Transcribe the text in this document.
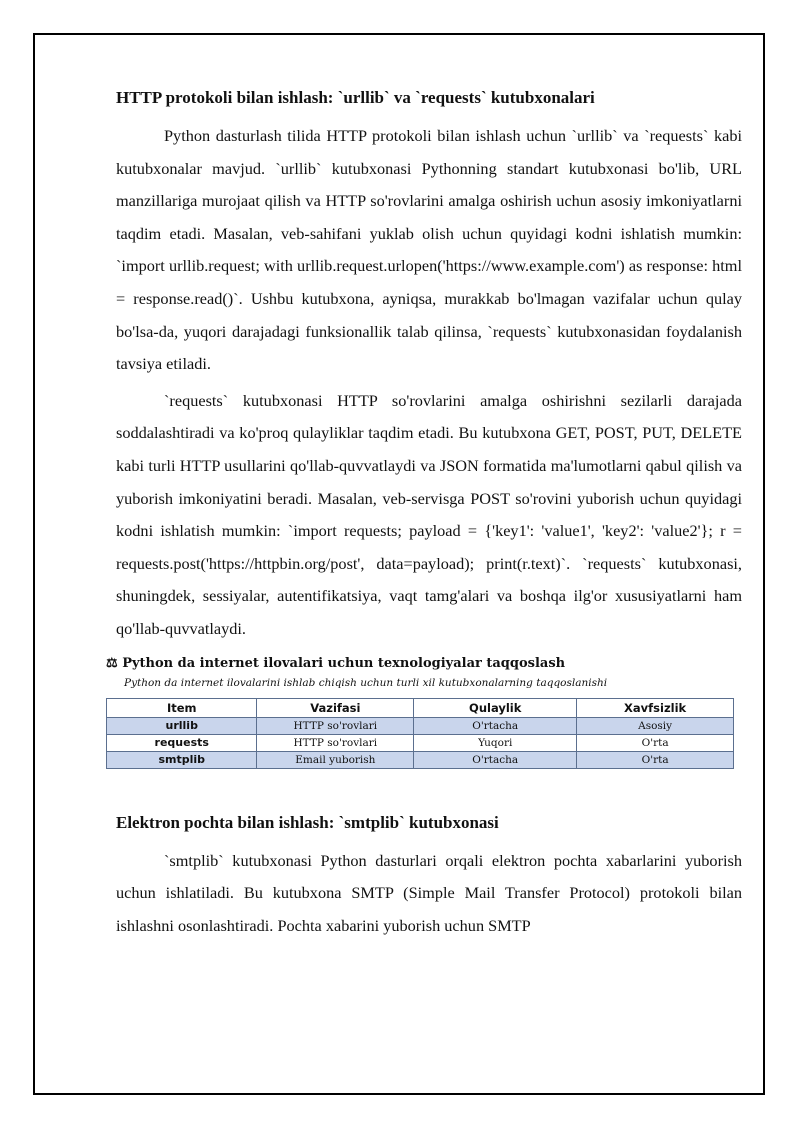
HTTP protokoli bilan ishlash: `urllib` va `requests` kutubxonalari

Python dasturlash tilida HTTP protokoli bilan ishlash uchun `urllib` va `requests` kabi kutubxonalar mavjud. `urllib` kutubxonasi Pythonning standart kutubxonasi bo'lib, URL manzillariga murojaat qilish va HTTP so'rovlarini amalga oshirish uchun asosiy imkoniyatlarni taqdim etadi. Masalan, veb-sahifani yuklab olish uchun quyidagi kodni ishlatish mumkin: `import urllib.request; with urllib.request.urlopen('https://www.example.com') as response: html = response.read()`. Ushbu kutubxona, ayniqsa, murakkab bo'lmagan vazifalar uchun qulay bo'lsa-da, yuqori darajadagi funksionallik talab qilinsa, `requests` kutubxonasidan foydalanish tavsiya etiladi.

`requests` kutubxonasi HTTP so'rovlarini amalga oshirishni sezilarli darajada soddalashtiradi va ko'proq qulayliklar taqdim etadi. Bu kutubxona GET, POST, PUT, DELETE kabi turli HTTP usullarini qo'llab-quvvatlaydi va JSON formatida ma'lumotlarni qabul qilish va yuborish imkoniyatini beradi. Masalan, veb-servisga POST so'rovini yuborish uchun quyidagi kodni ishlatish mumkin: `import requests; payload = {'key1': 'value1', 'key2': 'value2'}; r = requests.post('https://httpbin.org/post', data=payload); print(r.text)`. `requests` kutubxonasi, shuningdek, sessiyalar, autentifikatsiya, vaqt tamg'alari va boshqa ilg'or xususiyatlarni ham qo'llab-quvvatlaydi.

⚖ Python da internet ilovalari uchun texnologiyalar taqqoslash
Python da internet ilovalarini ishlab chiqish uchun turli xil kutubxonalarning taqqoslanishi
Item	Vazifasi	Qulaylik	Xavfsizlik
urllib	HTTP so'rovlari	O'rtacha	Asosiy
requests	HTTP so'rovlari	Yuqori	O'rta
smtplib	Email yuborish	O'rtacha	O'rta
Elektron pochta bilan ishlash: `smtplib` kutubxonasi

`smtplib` kutubxonasi Python dasturlari orqali elektron pochta xabarlarini yuborish uchun ishlatiladi. Bu kutubxona SMTP (Simple Mail Transfer Protocol) protokoli bilan ishlashni osonlashtiradi. Pochta xabarini yuborish uchun SMTP
